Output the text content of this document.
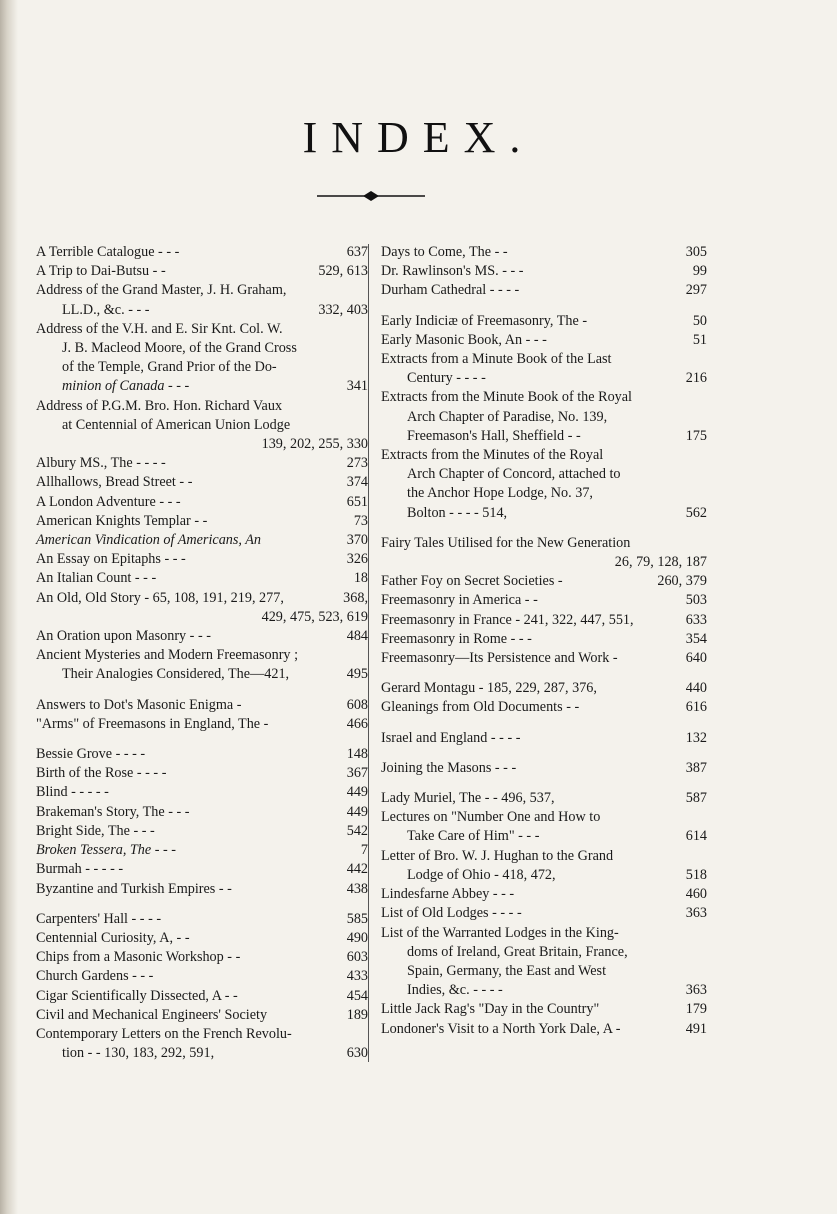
INDEX.
A Terrible Catalogue - - -	637
A Trip to Dai-Butsu - -	529, 613
Address of the Grand Master, J. H. Graham,
LL.D., &c. - - -	332, 403
Address of the V.H. and E. Sir Knt. Col. W.
J. B. Macleod Moore, of the Grand Cross
of the Temple, Grand Prior of the Do-
minion of Canada - - -	341
Address of P.G.M. Bro. Hon. Richard Vaux
at Centennial of American Union Lodge
139, 202, 255, 330
Albury MS., The - - - -	273
Allhallows, Bread Street - -	374
A London Adventure - - -	651
American Knights Templar - -	73
American Vindication of Americans, An	370
An Essay on Epitaphs - - -	326
An Italian Count - - -	18
An Old, Old Story - 65, 108, 191, 219, 277,	368,
429, 475, 523, 619
An Oration upon Masonry - - -	484
Ancient Mysteries and Modern Freemasonry ;
Their Analogies Considered, The—421,	495
Answers to Dot's Masonic Enigma -	608
"Arms" of Freemasons in England, The -	466
Bessie Grove - - - -	148
Birth of the Rose - - - -	367
Blind - - - - -	449
Brakeman's Story, The - - -	449
Bright Side, The - - -	542
Broken Tessera, The - - -	7
Burmah - - - - -	442
Byzantine and Turkish Empires - -	438
Carpenters' Hall - - - -	585
Centennial Curiosity, A, - -	490
Chips from a Masonic Workshop - -	603
Church Gardens - - -	433
Cigar Scientifically Dissected, A - -	454
Civil and Mechanical Engineers' Society	189
Contemporary Letters on the French Revolu-
tion - - 130, 183, 292, 591,	630
Days to Come, The - -	305
Dr. Rawlinson's MS. - - -	99
Durham Cathedral - - - -	297
Early Indiciæ of Freemasonry, The -	50
Early Masonic Book, An - - -	51
Extracts from a Minute Book of the Last
Century - - - -	216
Extracts from the Minute Book of the Royal
Arch Chapter of Paradise, No. 139,
Freemason's Hall, Sheffield - -	175
Extracts from the Minutes of the Royal
Arch Chapter of Concord, attached to
the Anchor Hope Lodge, No. 37,
Bolton - - - - 514,	562
Fairy Tales Utilised for the New Generation
26, 79, 128, 187
Father Foy on Secret Societies -	260, 379
Freemasonry in America - -	503
Freemasonry in France - 241, 322, 447, 551,	633
Freemasonry in Rome - - -	354
Freemasonry—Its Persistence and Work -	640
Gerard Montagu - 185, 229, 287, 376,	440
Gleanings from Old Documents - -	616
Israel and England - - - -	132
Joining the Masons - - -	387
Lady Muriel, The - - 496, 537,	587
Lectures on "Number One and How to
Take Care of Him" - - -	614
Letter of Bro. W. J. Hughan to the Grand
Lodge of Ohio - 418, 472,	518
Lindesfarne Abbey - - -	460
List of Old Lodges - - - -	363
List of the Warranted Lodges in the King-
doms of Ireland, Great Britain, France,
Spain, Germany, the East and West
Indies, &c. - - - -	363
Little Jack Rag's "Day in the Country"	179
Londoner's Visit to a North York Dale, A -	491
